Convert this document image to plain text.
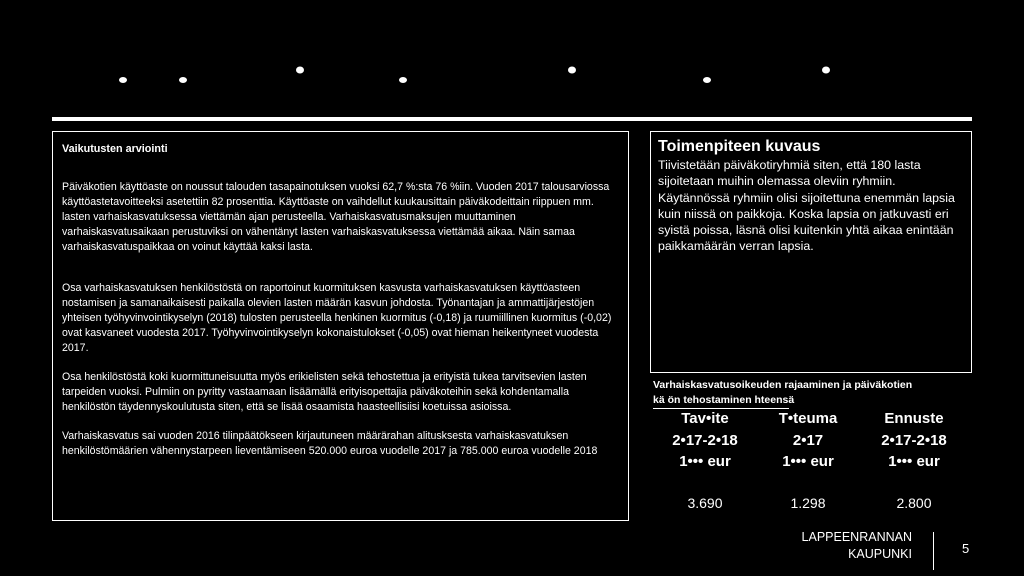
Vaikutusten arviointi

Päiväkotien käyttöaste on noussut talouden tasapainotuksen vuoksi 62,7 %:sta 76 %iin. Vuoden 2017 talousarviossa käyttöastetavoitteeksi asetettiin 82 prosenttia. Käyttöaste on vaihdellut kuukausittain päiväkodeittain riippuen mm. lasten varhaiskasvatuksessa viettämän ajan perusteella. Varhaiskasvatusmaksujen muuttaminen varhaiskasvatusaikaan perustuviksi on vähentänyt lasten varhaiskasvatuksessa viettämää aikaa. Näin samaa varhaiskasvatuspaikkaa on voinut käyttää kaksi lasta.

Osa varhaiskasvatuksen henkilöstöstä on raportoinut kuormituksen kasvusta varhaiskasvatuksen käyttöasteen nostamisen ja samanaikaisesti paikalla olevien lasten määrän kasvun johdosta. Työnantajan ja ammattijärjestöjen yhteisen työhyvinvointikyselyn (2018) tulosten perusteella henkinen kuormitus (-0,18) ja ruumiillinen kuormitus (-0,02) ovat kasvaneet vuodesta 2017. Työhyvinvointikyselyn kokonaistulokset (-0,05) ovat hieman heikentyneet vuodesta 2017.

Osa henkilöstöstä koki kuormittuneisuutta myös erikielisten sekä tehostettua ja erityistä tukea tarvitsevien lasten tarpeiden vuoksi. Pulmiin on pyritty vastaamaan lisäämällä erityisopettajia päiväkoteihin sekä kohdentamalla henkilöstön täydennyskoulutusta siten, että se lisää osaamista haasteellisiisi koetuissa asioissa.

Varhaiskasvatus sai vuoden 2016 tilinpäätökseen kirjautuneen määrärahan alitusksesta varhaiskasvatuksen henkilöstömäärien vähennystarpeen lieventämiseen 520.000 euroa vuodelle 2017 ja 785.000 euroa vuodelle 2018

Toimenpiteen kuvaus
Tiivistetään päiväkotiryhmiä siten, että 180 lasta sijoitetaan muihin olemassa oleviin ryhmiin. Käytännössä ryhmiin olisi sijoitettuna enemmän lapsia kuin niissä on paikkoja. Koska lapsia on jatkuvasti eri syistä poissa, läsnä olisi kuitenkin yhtä aikaa enintään paikkamäärän verran lapsia.
Varhaiskasvatusoikeuden rajaaminen ja päiväkotien
kä ön tehostaminen hteensä
Tav•ite
2•17-2•18
1••• eur
3.690
T•teuma
2•17
1••• eur
1.298
Ennuste
2•17-2•18
1••• eur
2.800
LAPPEENRANNAN
KAUPUNKI	5
